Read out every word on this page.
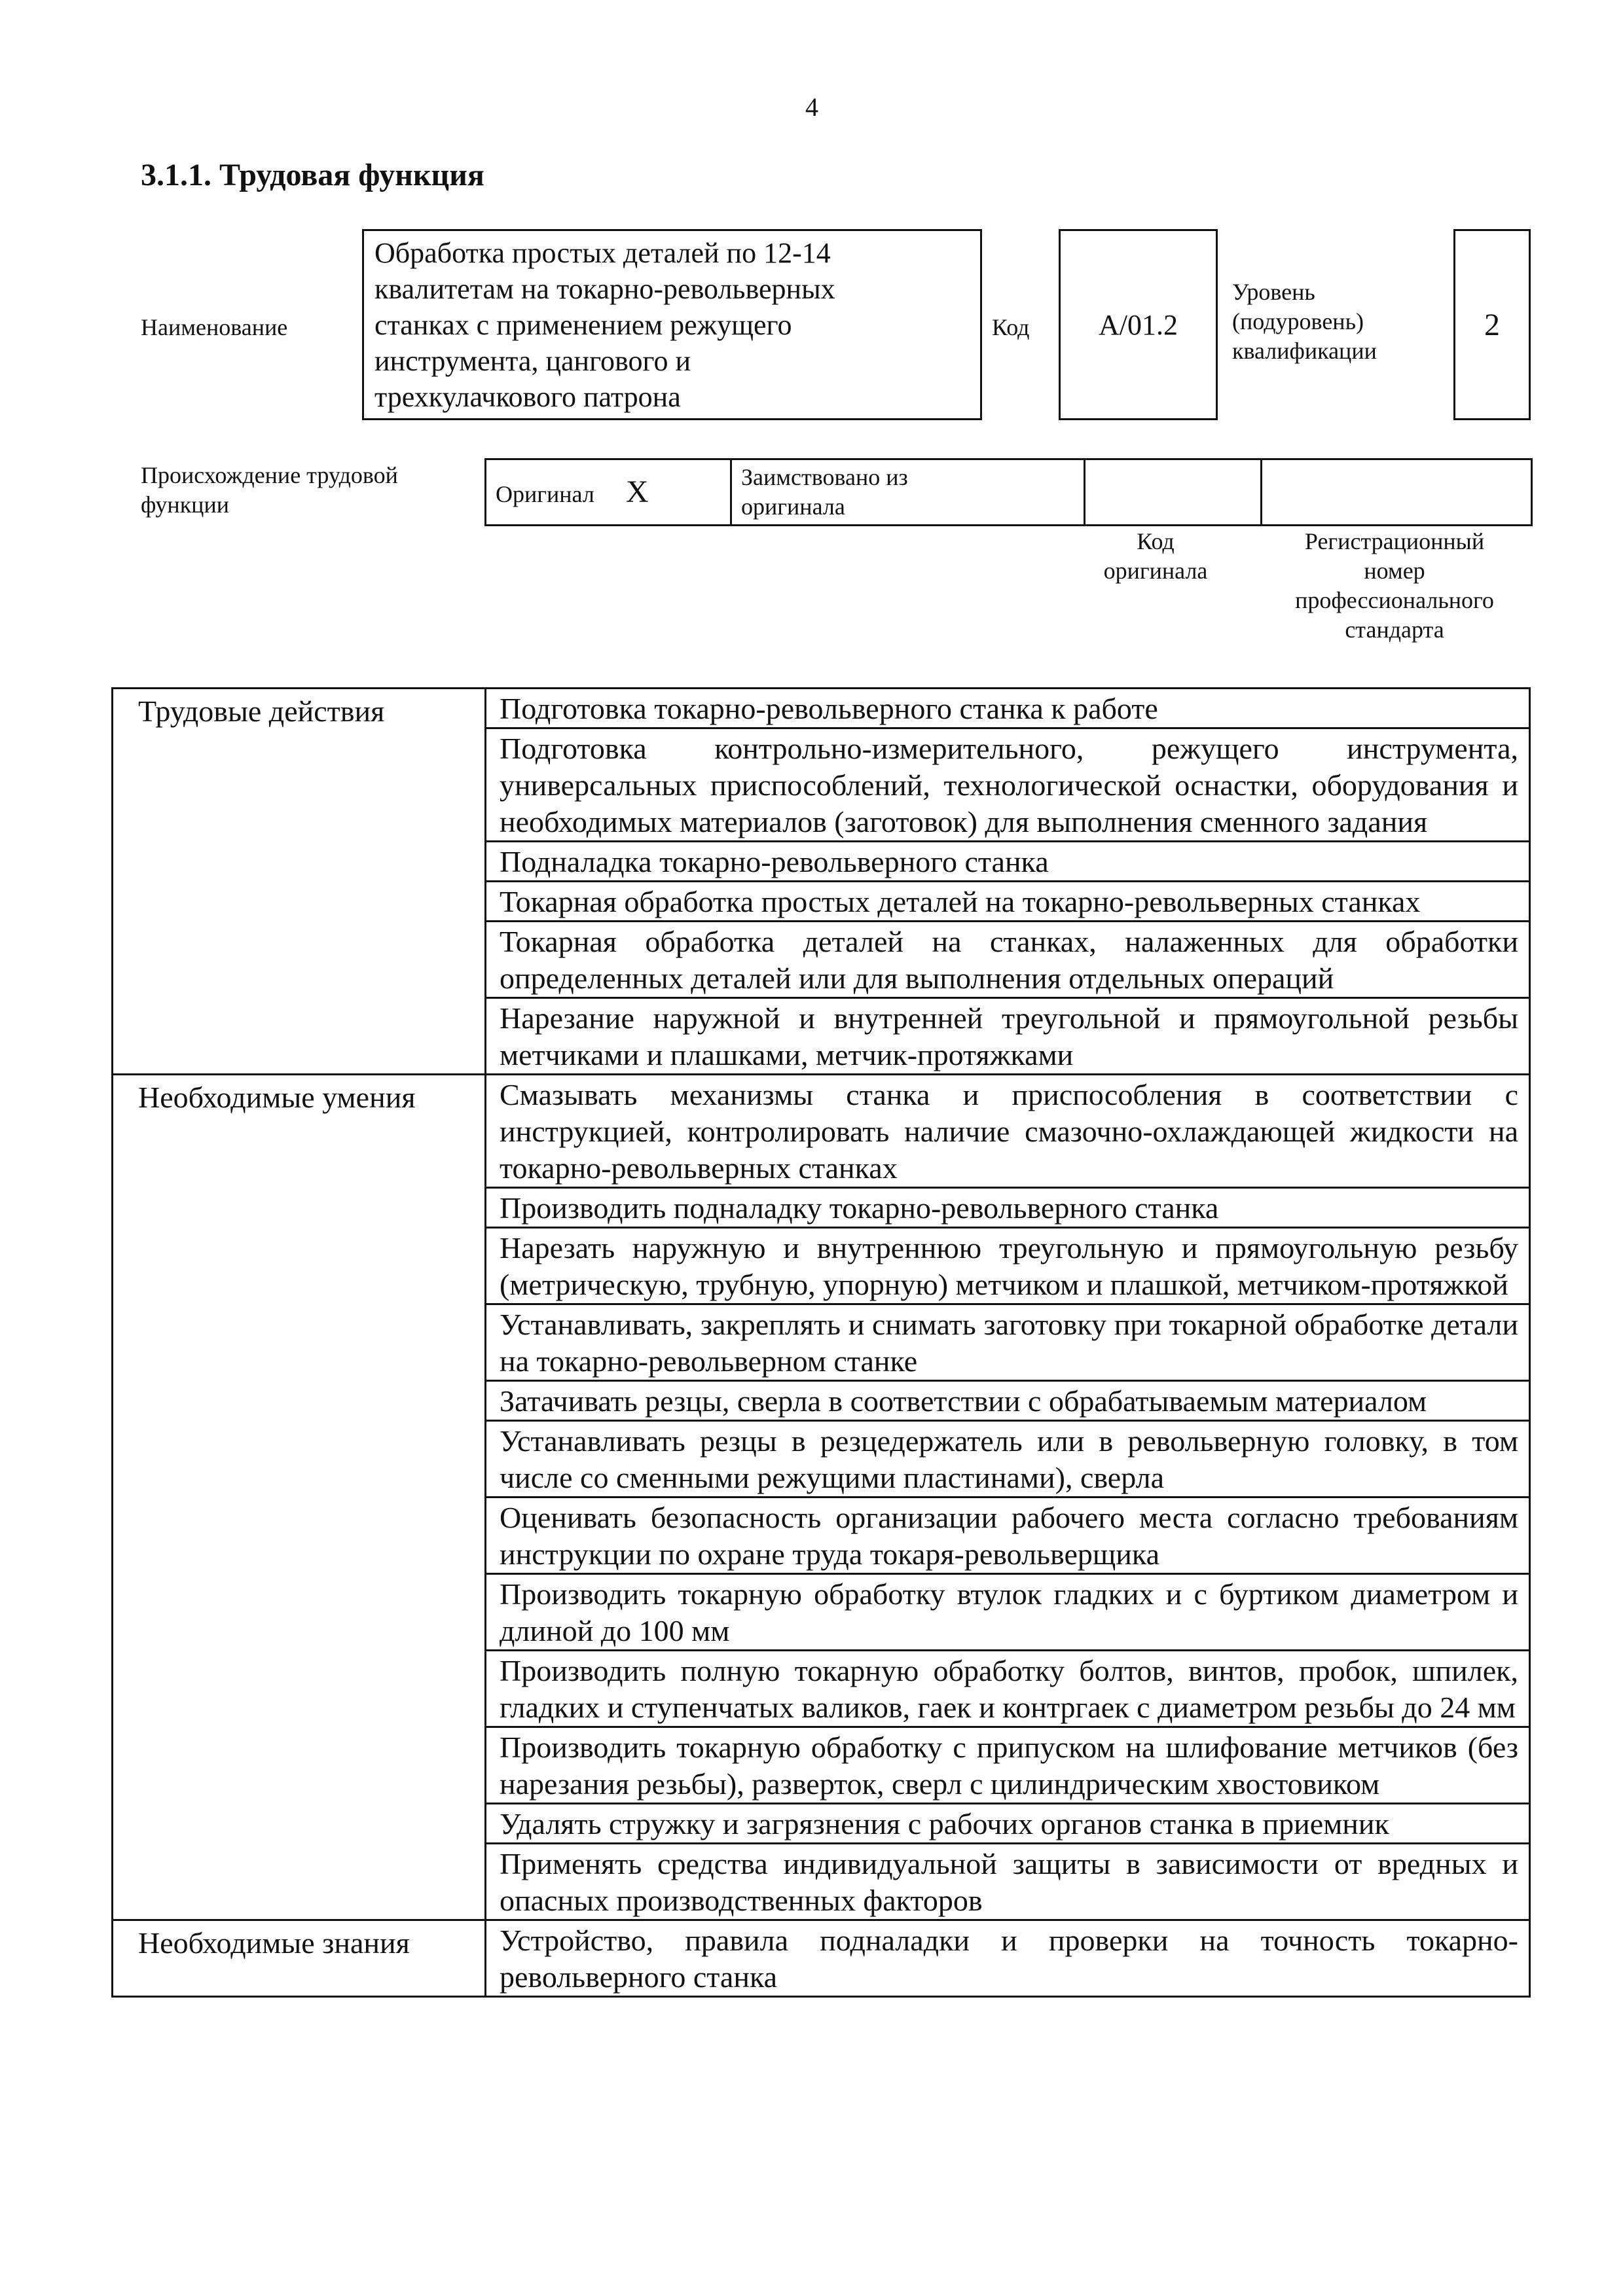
4
3.1.1. Трудовая функция
Наименование
Обработка простых деталей по 12-14
квалитетам на токарно-револьверных
станках с применением режущего
инструмента, цангового и
трехкулачкового патрона
Код	А/01.2
Уровень
(подуровень)
квалификации
2
Происхождение трудовой
функции	Оригинал X	Заимствовано из
оригинала

Код
оригинала
Регистрационный
номер
профессионального
стандарта
Трудовые действия	Подготовка токарно-револьверного станка к работе
	Подготовка контрольно-измерительного, режущего инструмента, универсальных приспособлений, технологической оснастки, оборудования и необходимых материалов (заготовок) для выполнения сменного задания
	Подналадка токарно-револьверного станка
	Токарная обработка простых деталей на токарно-револьверных станках
	Токарная обработка деталей на станках, налаженных для обработки определенных деталей или для выполнения отдельных операций
	Нарезание наружной и внутренней треугольной и прямоугольной резьбы метчиками и плашками, метчик-протяжками
Необходимые умения	Смазывать механизмы станка и приспособления в соответствии с инструкцией, контролировать наличие смазочно-охлаждающей жидкости на токарно-револьверных станках
	Производить подналадку токарно-револьверного станка
	Нарезать наружную и внутреннюю треугольную и прямоугольную резьбу (метрическую, трубную, упорную) метчиком и плашкой, метчиком-протяжкой
	Устанавливать, закреплять и снимать заготовку при токарной обработке детали на токарно-револьверном станке
	Затачивать резцы, сверла в соответствии с обрабатываемым материалом
	Устанавливать резцы в резцедержатель или в револьверную головку, в том числе со сменными режущими пластинами), сверла
	Оценивать безопасность организации рабочего места согласно требованиям инструкции по охране труда токаря-револьверщика
	Производить токарную обработку втулок гладких и с буртиком диаметром и длиной до 100 мм
	Производить полную токарную обработку болтов, винтов, пробок, шпилек, гладких и ступенчатых валиков, гаек и контргаек с диаметром резьбы до 24 мм
	Производить токарную обработку с припуском на шлифование метчиков (без нарезания резьбы), разверток, сверл с цилиндрическим хвостовиком
	Удалять стружку и загрязнения с рабочих органов станка в приемник
	Применять средства индивидуальной защиты в зависимости от вредных и опасных производственных факторов
Необходимые знания	Устройство, правила подналадки и проверки на точность токарно-револьверного станка
